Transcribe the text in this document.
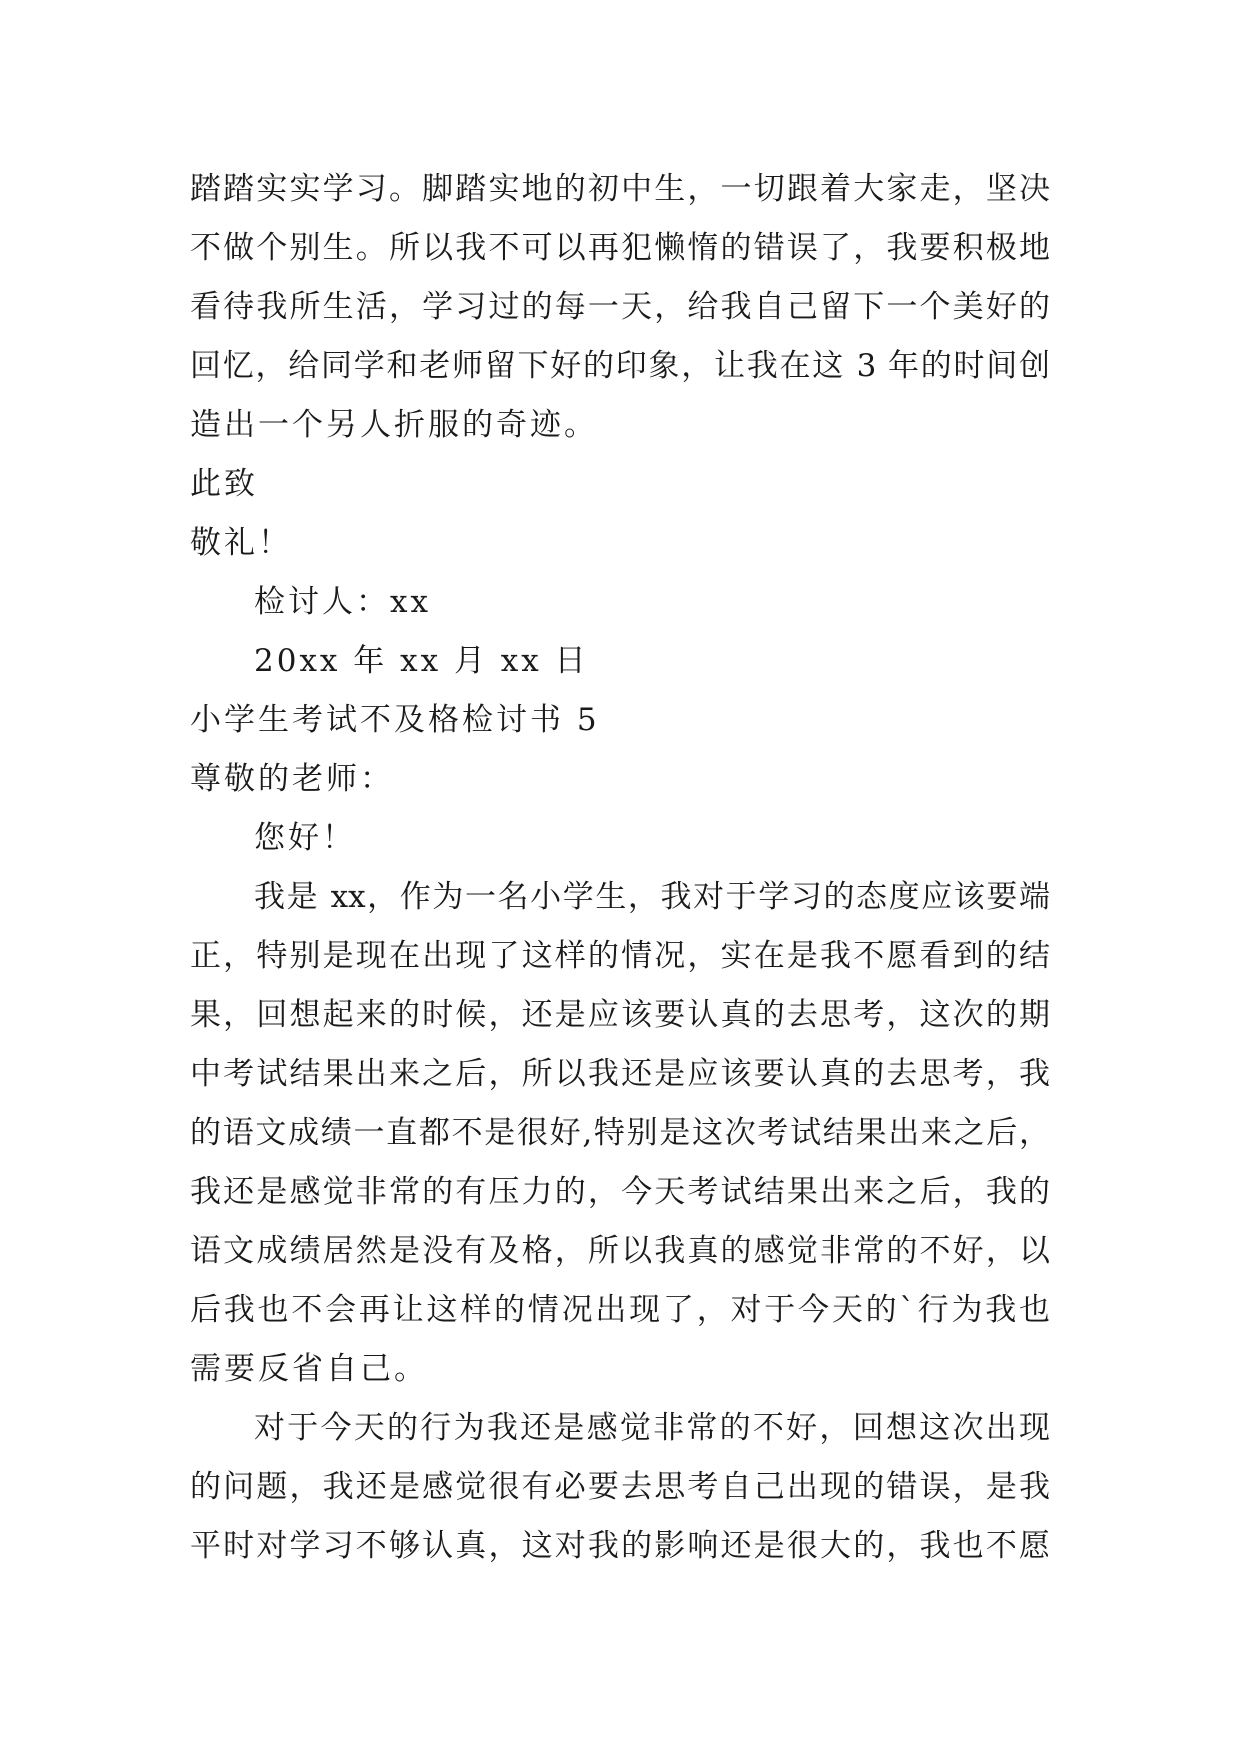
踏踏实实学习。脚踏实地的初中生，一切跟着大家走，坚决
不做个别生。所以我不可以再犯懒惰的错误了，我要积极地
看待我所生活，学习过的每一天，给我自己留下一个美好的
回忆，给同学和老师留下好的印象，让我在这 3 年的时间创
造出一个另人折服的奇迹。
此致
敬礼！
检讨人：xx
20xx 年 xx 月 xx 日
小学生考试不及格检讨书 5
尊敬的老师：
您好！
我是 xx，作为一名小学生，我对于学习的态度应该要端
正，特别是现在出现了这样的情况，实在是我不愿看到的结
果，回想起来的时候，还是应该要认真的去思考，这次的期
中考试结果出来之后，所以我还是应该要认真的去思考，我
的语文成绩一直都不是很好,特别是这次考试结果出来之后，
我还是感觉非常的有压力的，今天考试结果出来之后，我的
语文成绩居然是没有及格，所以我真的感觉非常的不好，以
后我也不会再让这样的情况出现了，对于今天的`行为我也
需要反省自己。
对于今天的行为我还是感觉非常的不好，回想这次出现
的问题，我还是感觉很有必要去思考自己出现的错误，是我
平时对学习不够认真，这对我的影响还是很大的，我也不愿
